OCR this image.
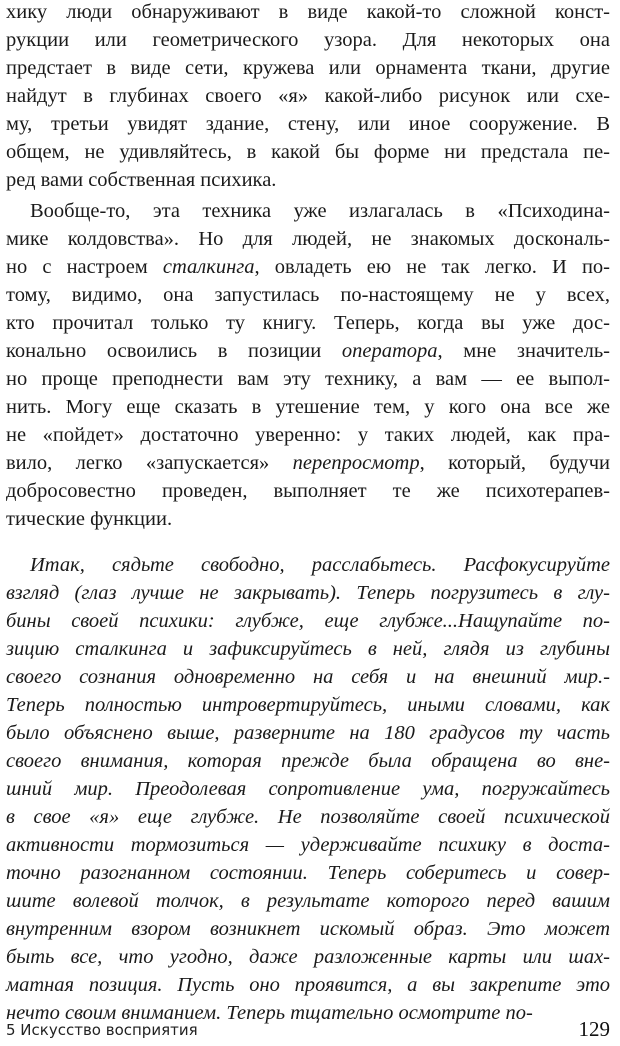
хику люди обнаруживают в виде какой-то сложной конст-
рукции или геометрического узора. Для некоторых она
предстает в виде сети, кружева или орнамента ткани, другие
найдут в глубинах своего «я» какой-либо рисунок или схе-
му, третьи увидят здание, стену, или иное сооружение. В
общем, не удивляйтесь, в какой бы форме ни предстала пе-
ред вами собственная психика.
Вообще-то, эта техника уже излагалась в «Психодина-
мике колдовства». Но для людей, не знакомых доскональ-
но с настроем сталкинга, овладеть ею не так легко. И по-
тому, видимо, она запустилась по-настоящему не у всех,
кто прочитал только ту книгу. Теперь, когда вы уже дос-
конально освоились в позиции оператора, мне значитель-
но проще преподнести вам эту технику, а вам — ее выпол-
нить. Могу еще сказать в утешение тем, у кого она все же
не «пойдет» достаточно уверенно: у таких людей, как пра-
вило, легко «запускается» перепросмотр, который, будучи
добросовестно проведен, выполняет те же психотерапев-
тические функции.
Итак, сядьте свободно, расслабьтесь. Расфокусируйте
взгляд (глаз лучше не закрывать). Теперь погрузитесь в глу-
бины своей психики: глубже, еще глубже...Нащупайте по-
зицию сталкинга и зафиксируйтесь в ней, глядя из глубины
своего сознания одновременно на себя и на внешний мир.-
Теперь полностью интровертируйтесь, иными словами, как
было объяснено выше, разверните на 180 градусов ту часть
своего внимания, которая прежде была обращена во вне-
шний мир. Преодолевая сопротивление ума, погружайтесь
в свое «я» еще глубже. Не позволяйте своей психической
активности тормозиться — удерживайте психику в доста-
точно разогнанном состоянии. Теперь соберитесь и совер-
шите волевой толчок, в результате которого перед вашим
внутренним взором возникнет искомый образ. Это может
быть все, что угодно, даже разложенные карты или шах-
матная позиция. Пусть оно проявится, а вы закрепите это
нечто своим вниманием. Теперь тщательно осмотрите по-
5 Искусство восприятия	129
